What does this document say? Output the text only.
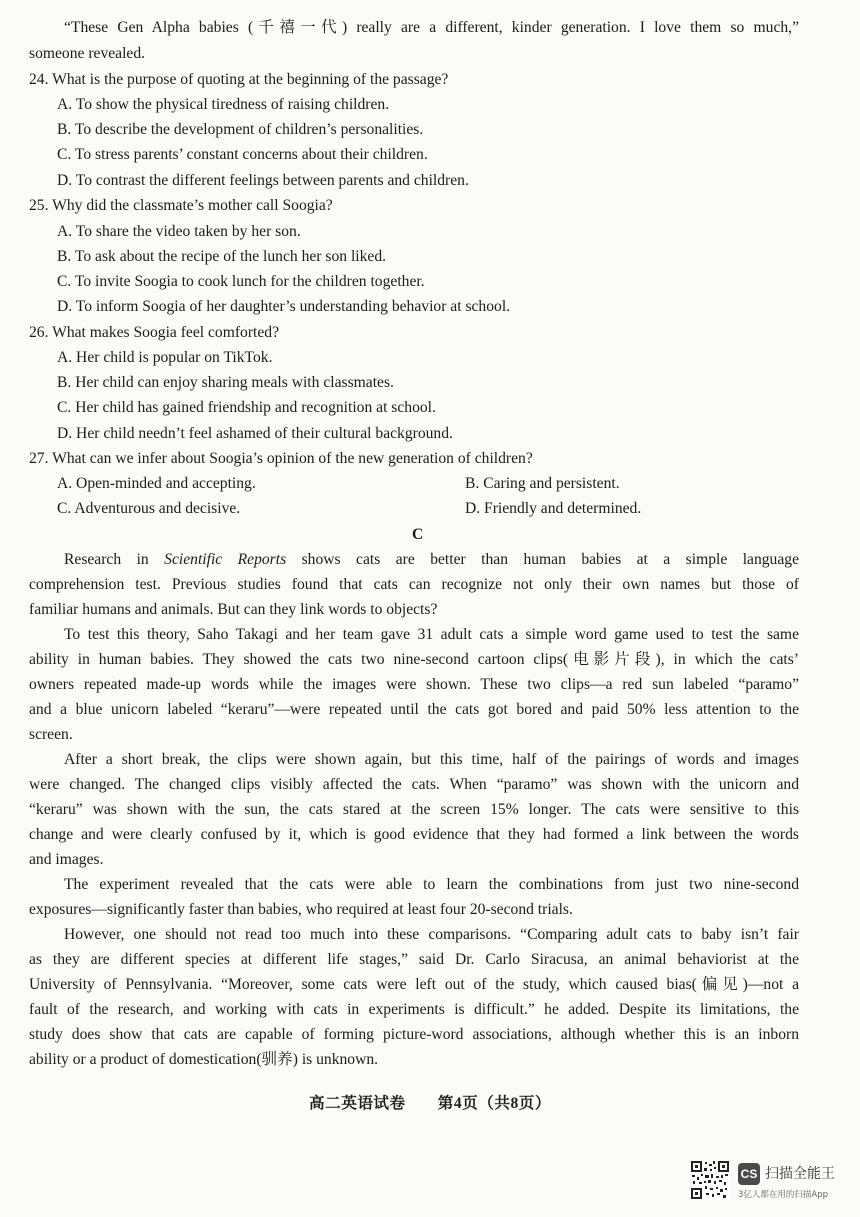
“These Gen Alpha babies (千禧一代) really are a different, kinder generation. I love them so much,”
someone revealed.
24. What is the purpose of quoting at the beginning of the passage?
A. To show the physical tiredness of raising children.
B. To describe the development of children’s personalities.
C. To stress parents’ constant concerns about their children.
D. To contrast the different feelings between parents and children.
25. Why did the classmate’s mother call Soogia?
A. To share the video taken by her son.
B. To ask about the recipe of the lunch her son liked.
C. To invite Soogia to cook lunch for the children together.
D. To inform Soogia of her daughter’s understanding behavior at school.
26. What makes Soogia feel comforted?
A. Her child is popular on TikTok.
B. Her child can enjoy sharing meals with classmates.
C. Her child has gained friendship and recognition at school.
D. Her child needn’t feel ashamed of their cultural background.
27. What can we infer about Soogia’s opinion of the new generation of children?
A. Open-minded and accepting.	B. Caring and persistent.
C. Adventurous and decisive.	D. Friendly and determined.
C
Research in Scientific Reports shows cats are better than human babies at a simple language
comprehension test. Previous studies found that cats can recognize not only their own names but those of
familiar humans and animals. But can they link words to objects?
To test this theory, Saho Takagi and her team gave 31 adult cats a simple word game used to test the same
ability in human babies. They showed the cats two nine-second cartoon clips(电影片段), in which the cats’
owners repeated made-up words while the images were shown. These two clips—a red sun labeled “paramo”
and a blue unicorn labeled “keraru”—were repeated until the cats got bored and paid 50% less attention to the
screen.
After a short break, the clips were shown again, but this time, half of the pairings of words and images
were changed. The changed clips visibly affected the cats. When “paramo” was shown with the unicorn and
“keraru” was shown with the sun, the cats stared at the screen 15% longer. The cats were sensitive to this
change and were clearly confused by it, which is good evidence that they had formed a link between the words
and images.
The experiment revealed that the cats were able to learn the combinations from just two nine-second
exposures—significantly faster than babies, who required at least four 20-second trials.
However, one should not read too much into these comparisons. “Comparing adult cats to baby isn’t fair
as they are different species at different life stages,” said Dr. Carlo Siracusa, an animal behaviorist at the
University of Pennsylvania. “Moreover, some cats were left out of the study, which caused bias(偏见)—not a
fault of the research, and working with cats in experiments is difficult.” he added. Despite its limitations, the
study does show that cats are capable of forming picture-word associations, although whether this is an inborn
ability or a product of domestication(驯养) is unknown.
高二英语试卷　　第4页（共8页）
CS 扫描全能王
3亿人都在用的扫描App
